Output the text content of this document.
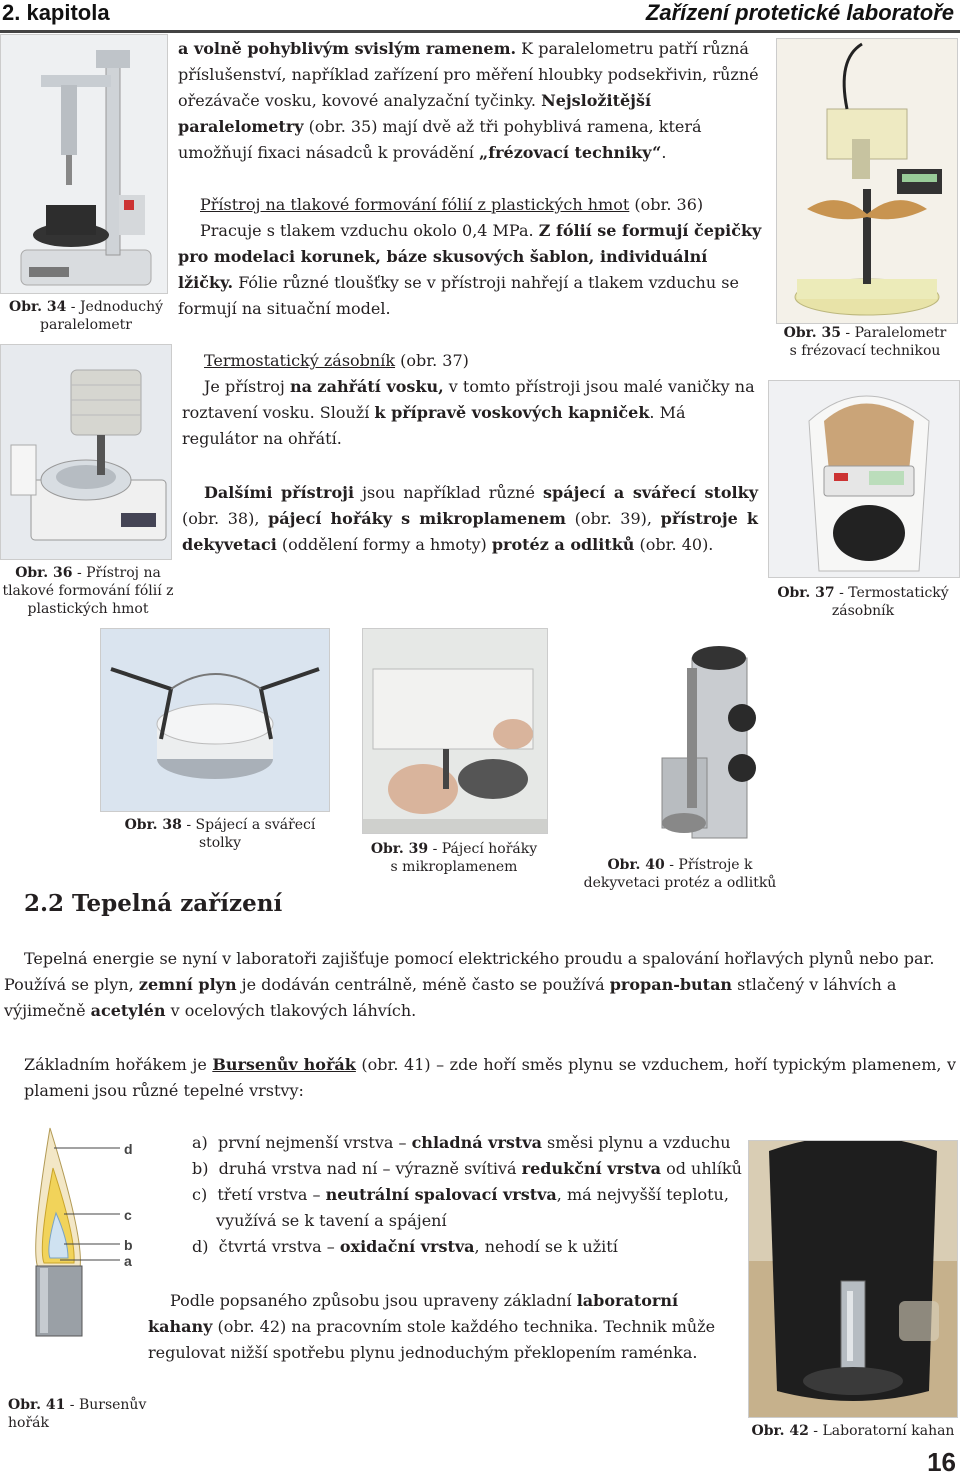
2. kapitola	Zařízení protetické laboratoře
Obr. 34 - Jednoduchý paralelometr	Obr. 35 - Paralelometr s frézovací technikou
Obr. 36 - Přístroj na tlakové formování fólií z plastických hmot
Obr. 37 - Termostatický zásobník
a volně pohyblivým svislým ramenem. K paralelometru patří různá příslušenství, například zařízení pro měření hloubky podsekřivin, různé ořezávače vosku, kovové analyzační tyčinky. Nejsložitější paralelometry (obr. 35) mají dvě až tři pohyblivá ramena, která umožňují fixaci násadců k provádění „frézovací techniky“.
Přístroj na tlakové formování fólií z plastických hmot (obr. 36)
Pracuje s tlakem vzduchu okolo 0,4 MPa. Z fólií se formují čepičky pro modelaci korunek, báze skusových šablon, individuální lžičky. Fólie různé tloušťky se v přístroji nahřejí a tlakem vzduchu se formují na situační model.
Termostatický zásobník (obr. 37)
Je přístroj na zahřátí vosku, v tomto přístroji jsou malé vaničky na roztavení vosku. Slouží k přípravě voskových kapniček. Má regulátor na ohřátí.
Dalšími přístroji jsou například různé spájecí a svářecí stolky (obr. 38), pájecí hořáky s mikroplamenem (obr. 39), přístroje k dekyvetaci (oddělení formy a hmoty) protéz a odlitků (obr. 40).
Obr. 38 - Spájecí a svářecí stolky	Obr. 39 - Pájecí hořáky s mikroplamenem	Obr. 40 - Přístroje k dekyvetaci protéz a odlitků
2.2 Tepelná zařízení
Tepelná energie se nyní v laboratoři zajišťuje pomocí elektrického proudu a spalování hořlavých plynů nebo par. Používá se plyn, zemní plyn je dodáván centrálně, méně často se používá propan-butan stlačený v láhvích a výjimečně acetylén v ocelových tlakových láhvích.
Základním hořákem je Bursenův hořák (obr. 41) – zde hoří směs plynu se vzduchem, hoří typickým plamenem, v plameni jsou různé tepelné vrstvy:
d
c
b
a
Obr. 41 - Bursenův hořák
a) první nejmenší vrstva – chladná vrstva směsi plynu a vzduchu
b) druhá vrstva nad ní – výrazně svítivá redukční vrstva od uhlíků
c) třetí vrstva – neutrální spalovací vrstva, má nejvyšší teplotu, využívá se k tavení a spájení
d) čtvrtá vrstva – oxidační vrstva, nehodí se k užití
Podle popsaného způsobu jsou upraveny základní laboratorní kahany (obr. 42) na pracovním stole každého technika. Technik může regulovat nižší spotřebu plynu jednoduchým překlopením raménka.
Obr. 42 - Laboratorní kahan
16
